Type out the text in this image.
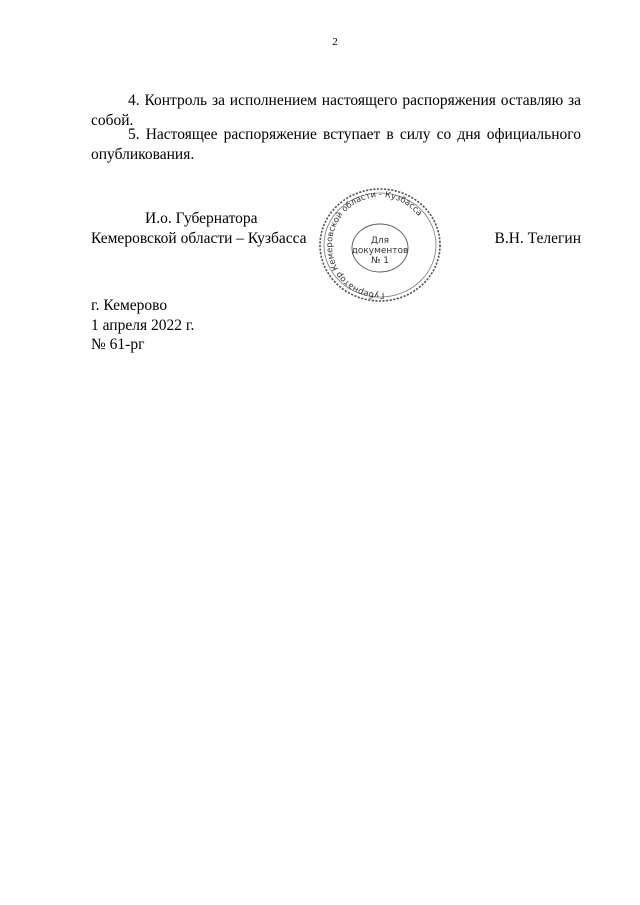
2

4. Контроль за исполнением настоящего распоряжения оставляю за собой.

5. Настоящее распоряжение вступает в силу со дня официального опубликования.

И.о. Губернатора
Кемеровской области – Кузбасса	В.Н. Телегин
Губернатор Кемеровской области - Кузбасса
Для
документов
№ 1
г. Кемерово
1 апреля 2022 г.
№ 61-рг
